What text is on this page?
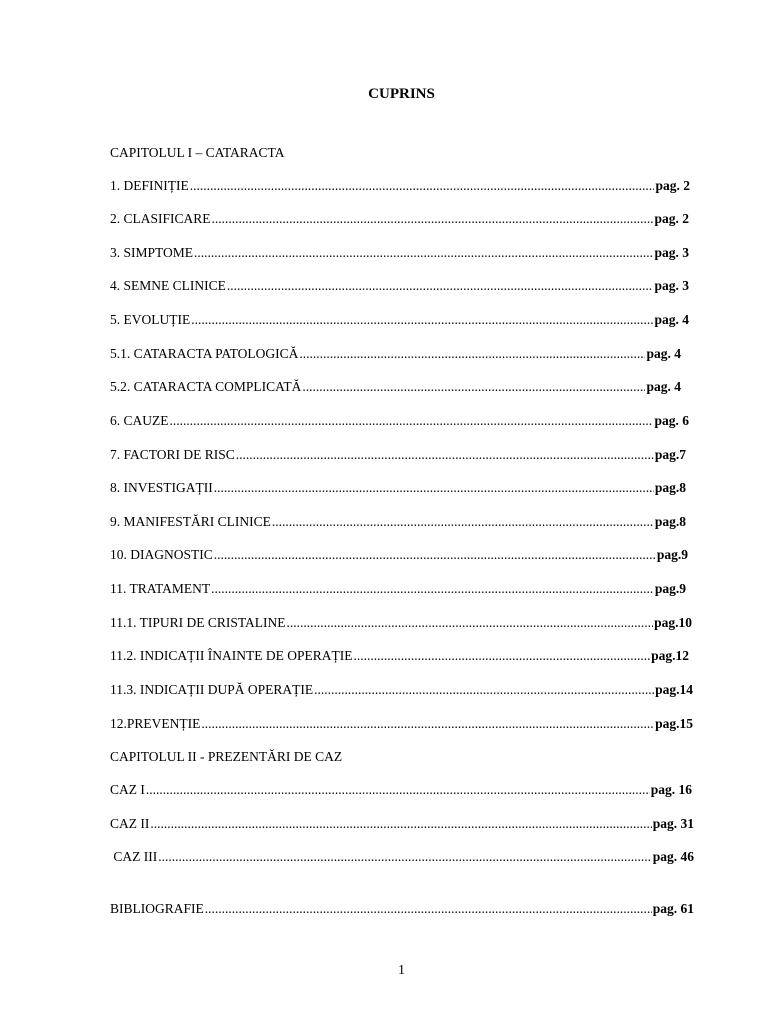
CUPRINS
CAPITOLUL I – CATARACTA
1. DEFINIȚIE .....	pag. 2
2. CLASIFICARE .....	pag. 2
3. SIMPTOME .....	pag. 3
4. SEMNE CLINICE .....	pag. 3
5. EVOLUȚIE .....	pag. 4
5.1. CATARACTA PATOLOGICĂ .....	pag. 4
5.2. CATARACTA COMPLICATĂ .....	pag. 4
6. CAUZE .....	pag. 6
7. FACTORI DE RISC .....	pag.7
8. INVESTIGAȚII .....	pag.8
9. MANIFESTĂRI CLINICE .....	pag.8
10. DIAGNOSTIC .....	pag.9
11. TRATAMENT .....	pag.9
11.1. TIPURI DE CRISTALINE .....	pag.10
11.2. INDICAȚII ÎNAINTE DE OPERAȚIE .....	pag.12
11.3. INDICAȚII DUPĂ OPERAȚIE .....	pag.14
12.PREVENȚIE .....	pag.15
CAPITOLUL II - PREZENTĂRI DE CAZ
CAZ I .....	pag. 16
CAZ II .....	pag. 31
CAZ III .....	pag. 46
BIBLIOGRAFIE .....	pag. 61
1
